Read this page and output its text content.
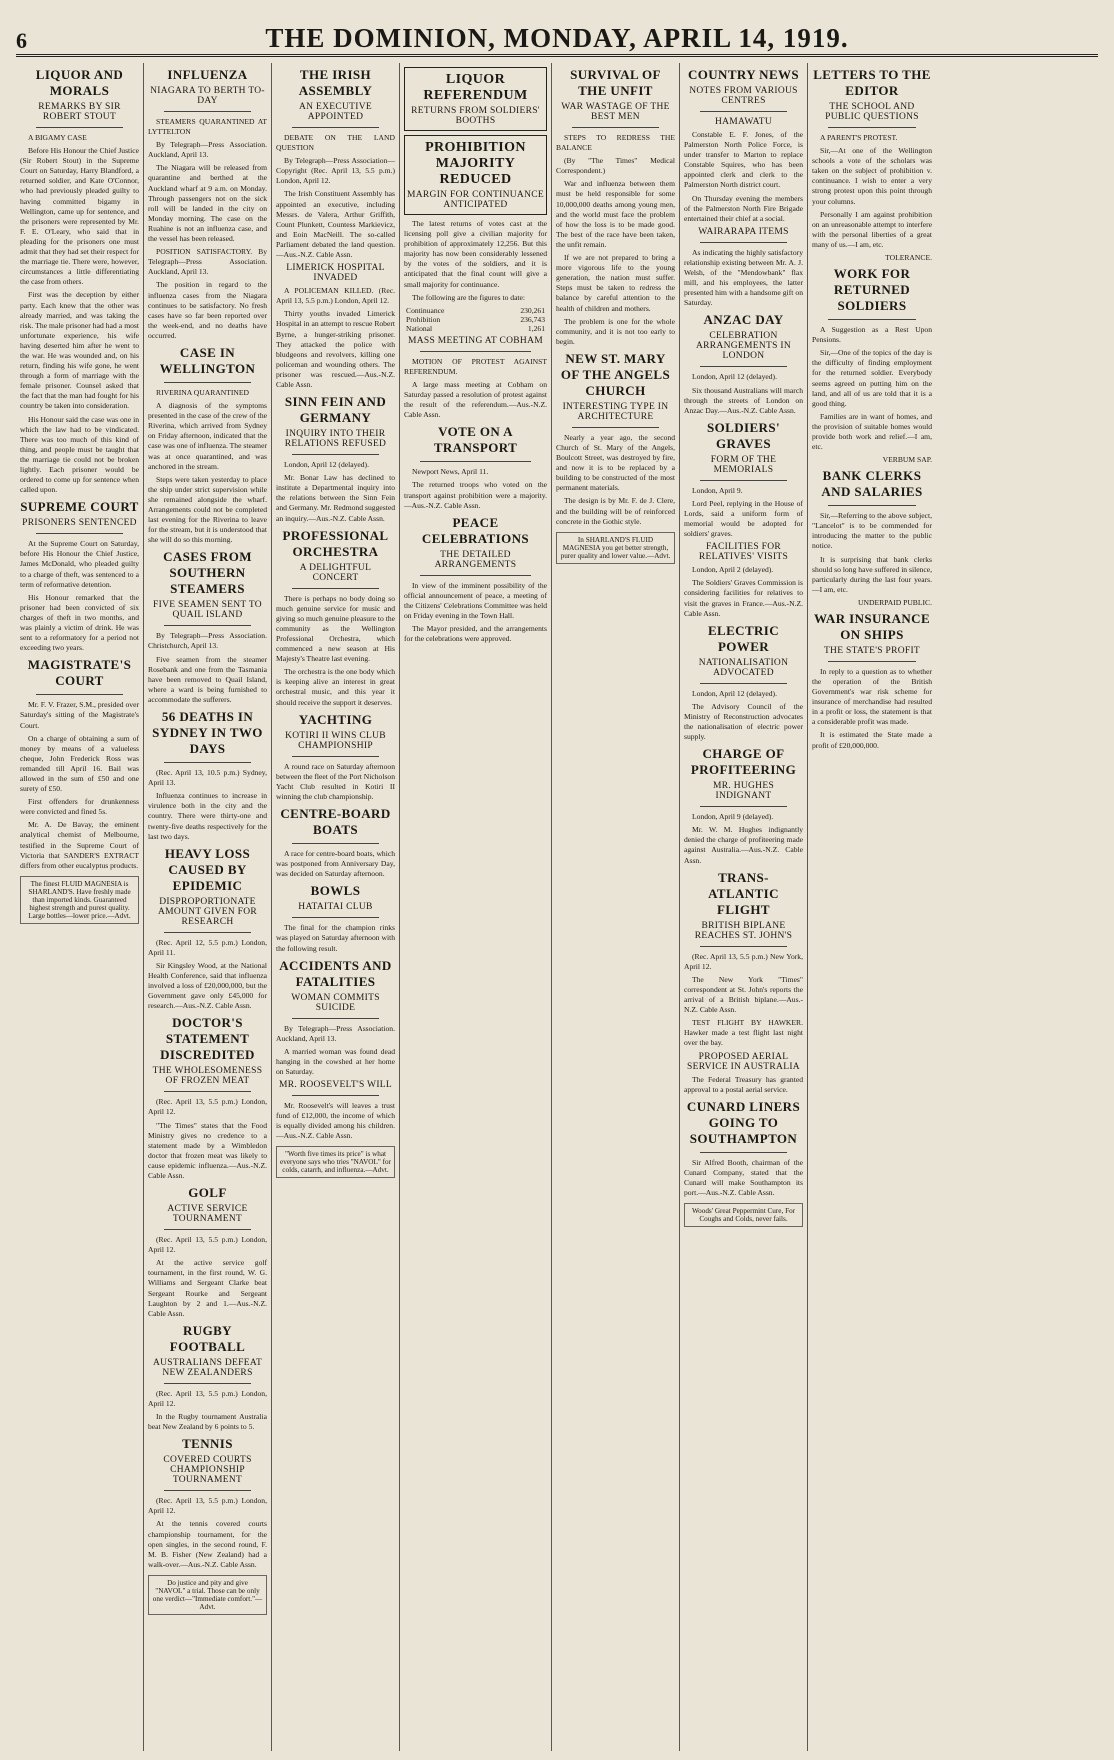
6	THE DOMINION, MONDAY, APRIL 14, 1919.
LIQUOR AND MORALS
REMARKS BY SIR ROBERT STOUT

A BIGAMY CASE

Before His Honour the Chief Justice (Sir Robert Stout) in the Supreme Court on Saturday, Harry Blandford, a returned soldier, and Kate O'Connor, who had previously pleaded guilty to having committed bigamy in Wellington, came up for sentence, and the prisoners were represented by Mr. F. E. O'Leary, who said that in pleading for the prisoners one must admit that they had set their respect for the marriage tie. There were, however, circumstances a little differentiating the case from others.

First was the deception by either party. Each knew that the other was already married, and was taking the risk. The male prisoner had had a most unfortunate experience, his wife having deserted him after he went to the war. He was wounded and, on his return, finding his wife gone, he went through a form of marriage with the female prisoner. Counsel asked that the fact that the man had fought for his country be taken into consideration.

His Honour said the case was one in which the law had to be vindicated. There was too much of this kind of thing, and people must be taught that the marriage tie could not be broken lightly. Each prisoner would be ordered to come up for sentence when called upon.

SUPREME COURT
PRISONERS SENTENCED

At the Supreme Court on Saturday, before His Honour the Chief Justice, James McDonald, who pleaded guilty to a charge of theft, was sentenced to a term of reformative detention.

His Honour remarked that the prisoner had been convicted of six charges of theft in two months, and was plainly a victim of drink. He was sent to a reformatory for a period not exceeding two years.

MAGISTRATE'S COURT

Mr. F. V. Frazer, S.M., presided over Saturday's sitting of the Magistrate's Court.

On a charge of obtaining a sum of money by means of a valueless cheque, John Frederick Ross was remanded till April 16. Bail was allowed in the sum of £50 and one surety of £50.

First offenders for drunkenness were convicted and fined 5s.

Mr. A. De Bavay, the eminent analytical chemist of Melbourne, testified in the Supreme Court of Victoria that SANDER'S EXTRACT differs from other eucalyptus products.

The finest FLUID MAGNESIA is SHARLAND'S. Have freshly made than imported kinds. Guaranteed highest strength and purest quality. Large bottles—lower price.—Advt.
INFLUENZA
NIAGARA TO BERTH TO-DAY

STEAMERS QUARANTINED AT LYTTELTON

By Telegraph—Press Association. Auckland, April 13.

The Niagara will be released from quarantine and berthed at the Auckland wharf at 9 a.m. on Monday. Through passengers not on the sick roll will be landed in the city on Monday morning. The case on the Ruahine is not an influenza case, and the vessel has been released.

POSITION SATISFACTORY. By Telegraph—Press Association. Auckland, April 13.

The position in regard to the influenza cases from the Niagara continues to be satisfactory. No fresh cases have so far been reported over the week-end, and no deaths have occurred.

CASE IN WELLINGTON

RIVERINA QUARANTINED

A diagnosis of the symptoms presented in the case of the crew of the Riverina, which arrived from Sydney on Friday afternoon, indicated that the case was one of influenza. The steamer was at once quarantined, and was anchored in the stream.

Steps were taken yesterday to place the ship under strict supervision while she remained alongside the wharf. Arrangements could not be completed last evening for the Riverina to leave for the stream, but it is understood that she will do so this morning.

CASES FROM SOUTHERN STEAMERS
FIVE SEAMEN SENT TO QUAIL ISLAND

By Telegraph—Press Association. Christchurch, April 13.

Five seamen from the steamer Rosebank and one from the Tasmania have been removed to Quail Island, where a ward is being furnished to accommodate the sufferers.

56 DEATHS IN SYDNEY IN TWO DAYS

(Rec. April 13, 10.5 p.m.) Sydney, April 13.

Influenza continues to increase in virulence both in the city and the country. There were thirty-one and twenty-five deaths respectively for the last two days.

HEAVY LOSS CAUSED BY EPIDEMIC
DISPROPORTIONATE AMOUNT GIVEN FOR RESEARCH

(Rec. April 12, 5.5 p.m.) London, April 11.

Sir Kingsley Wood, at the National Health Conference, said that influenza involved a loss of £20,000,000, but the Government gave only £45,000 for research.—Aus.-N.Z. Cable Assn.

DOCTOR'S STATEMENT DISCREDITED
THE WHOLESOMENESS OF FROZEN MEAT

(Rec. April 13, 5.5 p.m.) London, April 12.

"The Times" states that the Food Ministry gives no credence to a statement made by a Wimbledon doctor that frozen meat was likely to cause epidemic influenza.—Aus.-N.Z. Cable Assn.

GOLF
ACTIVE SERVICE TOURNAMENT

(Rec. April 13, 5.5 p.m.) London, April 12.

At the active service golf tournament, in the first round, W. G. Williams and Sergeant Clarke beat Sergeant Rourke and Sergeant Laughton by 2 and 1.—Aus.-N.Z. Cable Assn.

RUGBY FOOTBALL
AUSTRALIANS DEFEAT NEW ZEALANDERS

(Rec. April 13, 5.5 p.m.) London, April 12.

In the Rugby tournament Australia beat New Zealand by 6 points to 5.

TENNIS
COVERED COURTS CHAMPIONSHIP TOURNAMENT

(Rec. April 13, 5.5 p.m.) London, April 12.

At the tennis covered courts championship tournament, for the open singles, in the second round, F. M. B. Fisher (New Zealand) had a walk-over.—Aus.-N.Z. Cable Assn.

Do justice and pity and give "NAVOL" a trial. Those can be only one verdict—"Immediate comfort."—Advt.
THE IRISH ASSEMBLY
AN EXECUTIVE APPOINTED

DEBATE ON THE LAND QUESTION

By Telegraph—Press Association—Copyright (Rec. April 13, 5.5 p.m.) London, April 12.

The Irish Constituent Assembly has appointed an executive, including Messrs. de Valera, Arthur Griffith, Count Plunkett, Countess Markievicz, and Eoin MacNeill. The so-called Parliament debated the land question.—Aus.-N.Z. Cable Assn.

LIMERICK HOSPITAL INVADED

A POLICEMAN KILLED. (Rec. April 13, 5.5 p.m.) London, April 12.

Thirty youths invaded Limerick Hospital in an attempt to rescue Robert Byrne, a hunger-striking prisoner. They attacked the police with bludgeons and revolvers, killing one policeman and wounding others. The prisoner was rescued.—Aus.-N.Z. Cable Assn.

SINN FEIN AND GERMANY
INQUIRY INTO THEIR RELATIONS REFUSED

London, April 12 (delayed).

Mr. Bonar Law has declined to institute a Departmental inquiry into the relations between the Sinn Fein and Germany. Mr. Redmond suggested an inquiry.—Aus.-N.Z. Cable Assn.

PROFESSIONAL ORCHESTRA
A DELIGHTFUL CONCERT

There is perhaps no body doing so much genuine service for music and giving so much genuine pleasure to the community as the Wellington Professional Orchestra, which commenced a new season at His Majesty's Theatre last evening.

The orchestra is the one body which is keeping alive an interest in great orchestral music, and this year it should receive the support it deserves.

YACHTING
KOTIRI II WINS CLUB CHAMPIONSHIP

A round race on Saturday afternoon between the fleet of the Port Nicholson Yacht Club resulted in Kotiri II winning the club championship.

CENTRE-BOARD BOATS

A race for centre-board boats, which was postponed from Anniversary Day, was decided on Saturday afternoon.

BOWLS
HATAITAI CLUB

The final for the champion rinks was played on Saturday afternoon with the following result.

ACCIDENTS AND FATALITIES
WOMAN COMMITS SUICIDE

By Telegraph—Press Association. Auckland, April 13.

A married woman was found dead hanging in the cowshed at her home on Saturday.

MR. ROOSEVELT'S WILL

Mr. Roosevelt's will leaves a trust fund of £12,000, the income of which is equally divided among his children.—Aus.-N.Z. Cable Assn.

"Worth five times its price" is what everyone says who tries "NAVOL" for colds, catarrh, and influenza.—Advt.
LIQUOR REFERENDUM
RETURNS FROM SOLDIERS' BOOTHS
PROHIBITION MAJORITY REDUCED
MARGIN FOR CONTINUANCE ANTICIPATED

The latest returns of votes cast at the licensing poll give a civilian majority for prohibition of approximately 12,256. But this majority has now been considerably lessened by the votes of the soldiers, and it is anticipated that the final count will give a small majority for continuance.

The following are the figures to date:

Continuance	230,261
Prohibition	236,743
National	1,261
MASS MEETING AT COBHAM

MOTION OF PROTEST AGAINST REFERENDUM.

A large mass meeting at Cobham on Saturday passed a resolution of protest against the result of the referendum.—Aus.-N.Z. Cable Assn.

VOTE ON A TRANSPORT

Newport News, April 11.

The returned troops who voted on the transport against prohibition were a majority.—Aus.-N.Z. Cable Assn.

PEACE CELEBRATIONS
THE DETAILED ARRANGEMENTS

In view of the imminent possibility of the official announcement of peace, a meeting of the Citizens' Celebrations Committee was held on Friday evening in the Town Hall.

The Mayor presided, and the arrangements for the celebrations were approved.

SURVIVAL OF THE UNFIT
WAR WASTAGE OF THE BEST MEN

STEPS TO REDRESS THE BALANCE

(By "The Times" Medical Correspondent.)

War and influenza between them must be held responsible for some 10,000,000 deaths among young men, and the world must face the problem of how the loss is to be made good. The best of the race have been taken, the unfit remain.

If we are not prepared to bring a more vigorous life to the young generation, the nation must suffer. Steps must be taken to redress the balance by careful attention to the health of children and mothers.

The problem is one for the whole community, and it is not too early to begin.

NEW ST. MARY OF THE ANGELS CHURCH
INTERESTING TYPE IN ARCHITECTURE

Nearly a year ago, the second Church of St. Mary of the Angels, Boulcott Street, was destroyed by fire, and now it is to be replaced by a building to be constructed of the most permanent materials.

The design is by Mr. F. de J. Clere, and the building will be of reinforced concrete in the Gothic style.

In SHARLAND'S FLUID MAGNESIA you get better strength, purer quality and lower value.—Advt.
COUNTRY NEWS
NOTES FROM VARIOUS CENTRES
HAMAWATU

Constable E. F. Jones, of the Palmerston North Police Force, is under transfer to Marton to replace Constable Squires, who has been appointed clerk and clerk to the Palmerston North district court.

On Thursday evening the members of the Palmerston North Fire Brigade entertained their chief at a social.

WAIRARAPA ITEMS

As indicating the highly satisfactory relationship existing between Mr. A. J. Welsh, of the "Mendowbank" flax mill, and his employees, the latter presented him with a handsome gift on Saturday.

ANZAC DAY
CELEBRATION ARRANGEMENTS IN LONDON

London, April 12 (delayed).

Six thousand Australians will march through the streets of London on Anzac Day.—Aus.-N.Z. Cable Assn.

SOLDIERS' GRAVES
FORM OF THE MEMORIALS

London, April 9.

Lord Peel, replying in the House of Lords, said a uniform form of memorial would be adopted for soldiers' graves.

FACILITIES FOR RELATIVES' VISITS

London, April 2 (delayed).

The Soldiers' Graves Commission is considering facilities for relatives to visit the graves in France.—Aus.-N.Z. Cable Assn.

ELECTRIC POWER
NATIONALISATION ADVOCATED

London, April 12 (delayed).

The Advisory Council of the Ministry of Reconstruction advocates the nationalisation of electric power supply.

CHARGE OF PROFITEERING
MR. HUGHES INDIGNANT

London, April 9 (delayed).

Mr. W. M. Hughes indignantly denied the charge of profiteering made against Australia.—Aus.-N.Z. Cable Assn.

TRANS-ATLANTIC FLIGHT
BRITISH BIPLANE REACHES ST. JOHN'S

(Rec. April 13, 5.5 p.m.) New York, April 12.

The New York "Times" correspondent at St. John's reports the arrival of a British biplane.—Aus.-N.Z. Cable Assn.

TEST FLIGHT BY HAWKER. Hawker made a test flight last night over the bay.

PROPOSED AERIAL SERVICE IN AUSTRALIA

The Federal Treasury has granted approval to a postal aerial service.

CUNARD LINERS GOING TO SOUTHAMPTON

Sir Alfred Booth, chairman of the Cunard Company, stated that the Cunard will make Southampton its port.—Aus.-N.Z. Cable Assn.

Woods' Great Peppermint Cure, For Coughs and Colds, never fails.
LETTERS TO THE EDITOR
THE SCHOOL AND PUBLIC QUESTIONS

A PARENT'S PROTEST.

Sir,—At one of the Wellington schools a vote of the scholars was taken on the subject of prohibition v. continuance. I wish to enter a very strong protest upon this point through your columns.

Personally I am against prohibition on an unreasonable attempt to interfere with the personal liberties of a great many of us.—I am, etc.

TOLERANCE.
WORK FOR RETURNED SOLDIERS

A Suggestion as a Rest Upon Pensions.

Sir,—One of the topics of the day is the difficulty of finding employment for the returned soldier. Everybody seems agreed on putting him on the land, and all of us are told that it is a good thing.

Families are in want of homes, and the provision of suitable homes would provide both work and relief.—I am, etc.

VERBUM SAP.
BANK CLERKS AND SALARIES

Sir,—Referring to the above subject, "Lancelot" is to be commended for introducing the matter to the public notice.

It is surprising that bank clerks should so long have suffered in silence, particularly during the last four years.—I am, etc.

UNDERPAID PUBLIC.
WAR INSURANCE ON SHIPS
THE STATE'S PROFIT

In reply to a question as to whether the operation of the British Government's war risk scheme for insurance of merchandise had resulted in a profit or loss, the statement is that a considerable profit was made.

It is estimated the State made a profit of £20,000,000.
